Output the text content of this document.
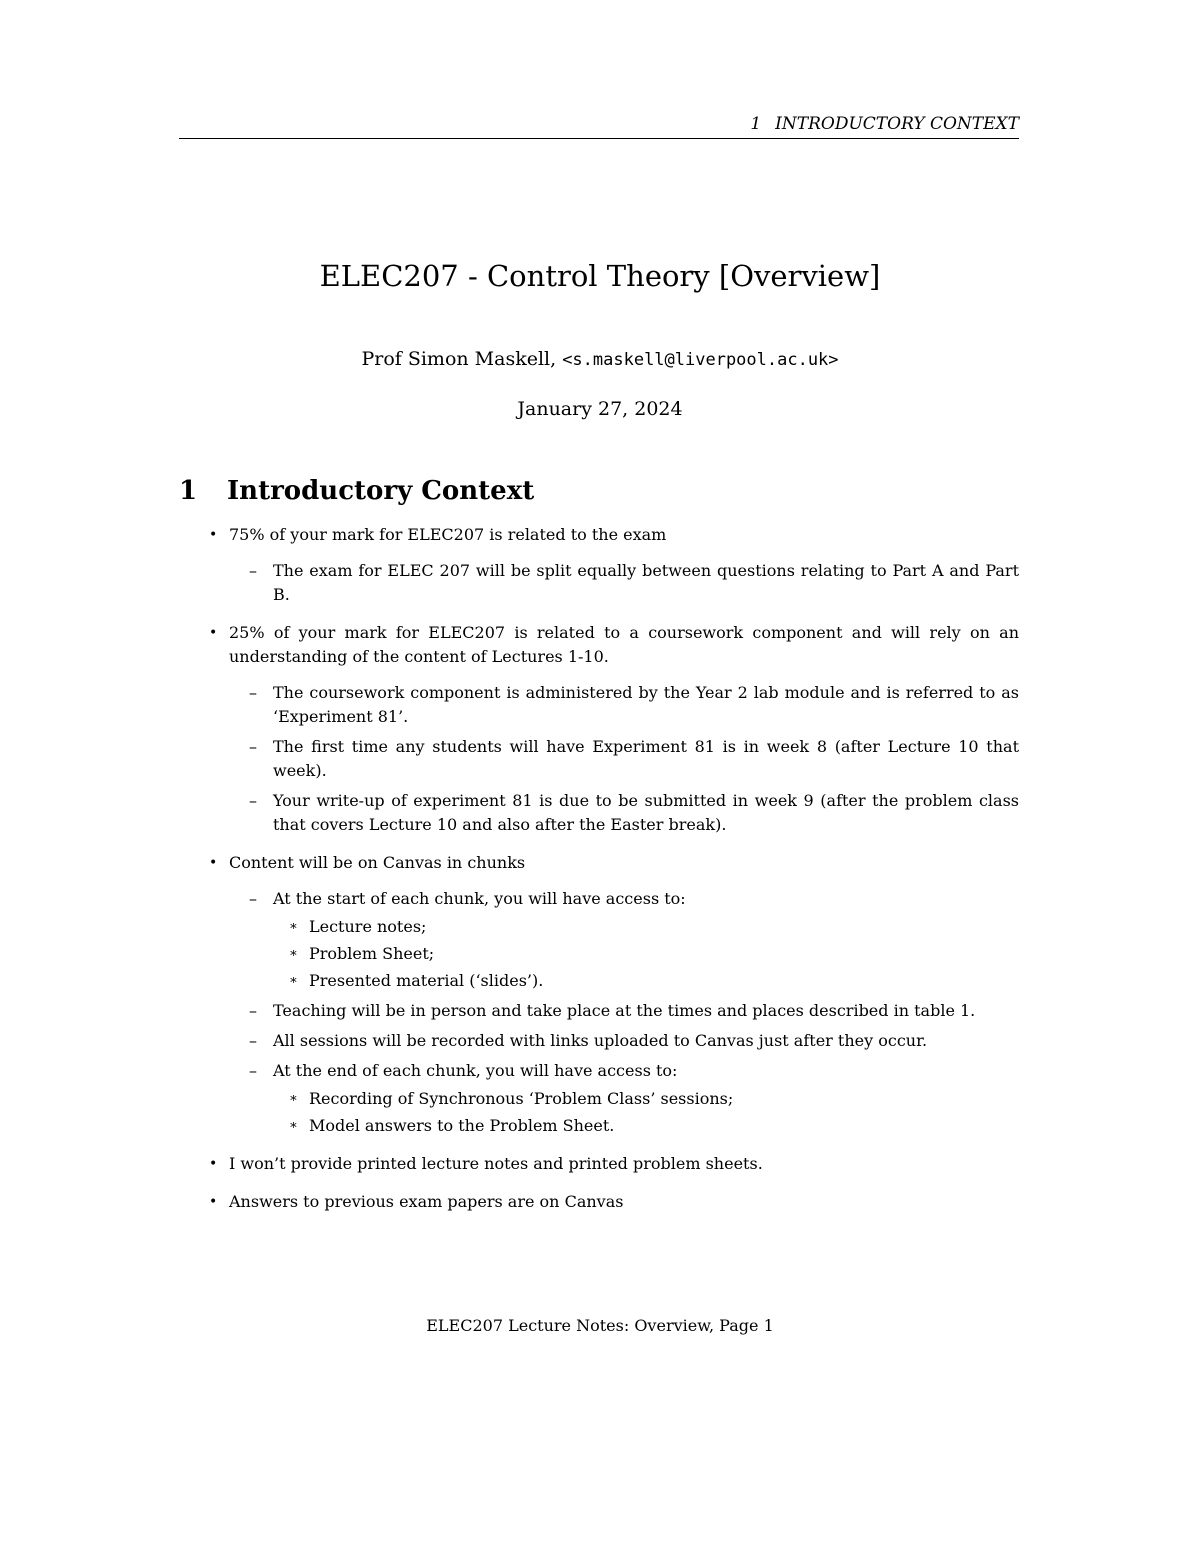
1 INTRODUCTORY CONTEXT
ELEC207 - Control Theory [Overview]
Prof Simon Maskell, <s.maskell@liverpool.ac.uk>
January 27, 2024
1 Introductory Context
• 75% of your mark for ELEC207 is related to the exam
– The exam for ELEC 207 will be split equally between questions relating to Part A and Part B.
• 25% of your mark for ELEC207 is related to a coursework component and will rely on an understanding of the content of Lectures 1-10.
– The coursework component is administered by the Year 2 lab module and is referred to as ‘Experiment 81’.
– The first time any students will have Experiment 81 is in week 8 (after Lecture 10 that week).
– Your write-up of experiment 81 is due to be submitted in week 9 (after the problem class that covers Lecture 10 and also after the Easter break).
• Content will be on Canvas in chunks
– At the start of each chunk, you will have access to:
∗ Lecture notes;
∗ Problem Sheet;
∗ Presented material (‘slides’).
– Teaching will be in person and take place at the times and places described in table 1.
– All sessions will be recorded with links uploaded to Canvas just after they occur.
– At the end of each chunk, you will have access to:
∗ Recording of Synchronous ‘Problem Class’ sessions;
∗ Model answers to the Problem Sheet.
• I won’t provide printed lecture notes and printed problem sheets.
• Answers to previous exam papers are on Canvas
ELEC207 Lecture Notes: Overview, Page 1
